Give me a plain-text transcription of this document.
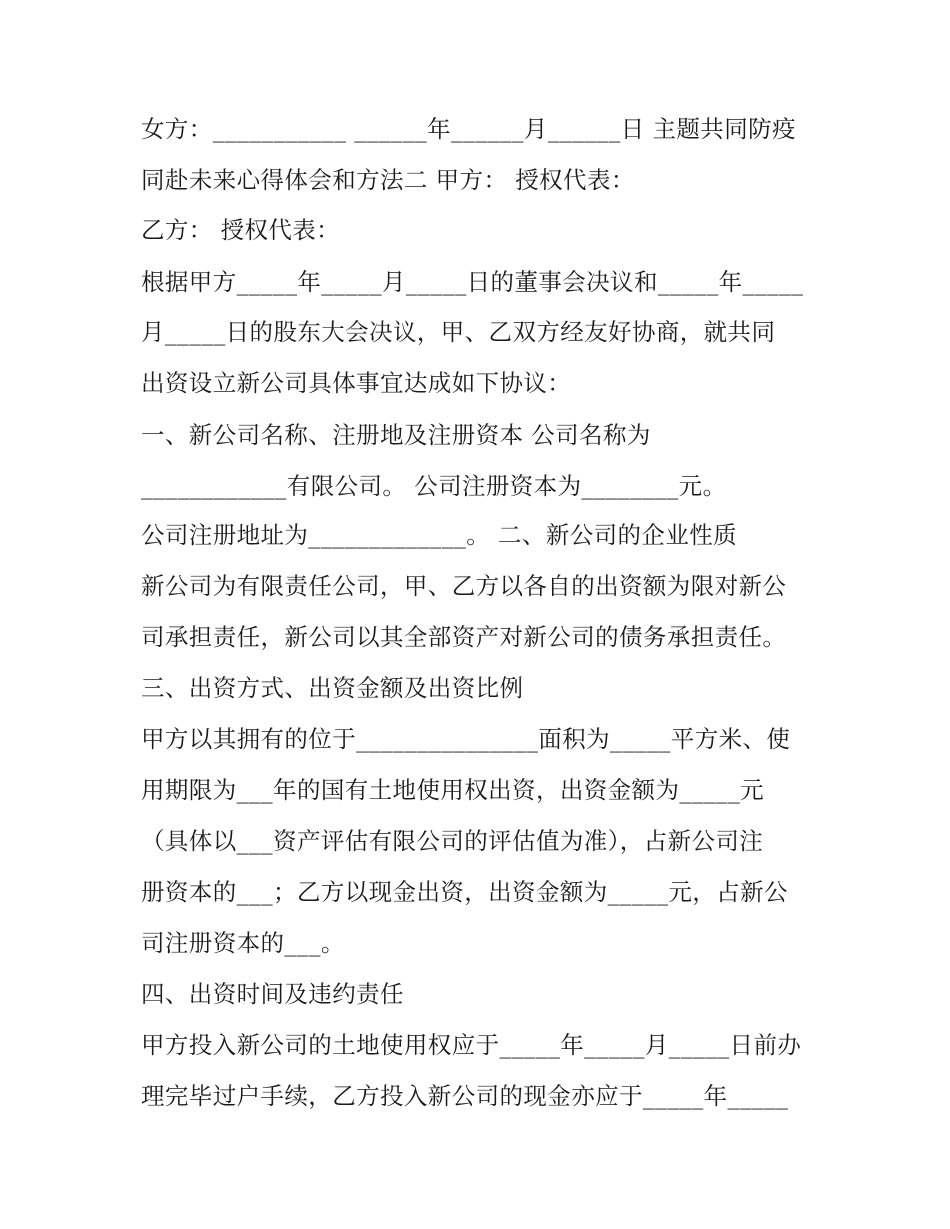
女方：___________ ______年______月______日 主题共同防疫
同赴未来心得体会和方法二 甲方： 授权代表：
乙方： 授权代表：
根据甲方_____年_____月_____日的董事会决议和_____年_____
月_____日的股东大会决议，甲、乙双方经友好协商，就共同
出资设立新公司具体事宜达成如下协议：
一、新公司名称、注册地及注册资本 公司名称为
____________有限公司。 公司注册资本为________元。
公司注册地址为_____________。 二、新公司的企业性质
新公司为有限责任公司，甲、乙方以各自的出资额为限对新公
司承担责任，新公司以其全部资产对新公司的债务承担责任。
三、出资方式、出资金额及出资比例
甲方以其拥有的位于_______________面积为_____平方米、使
用期限为___年的国有土地使用权出资，出资金额为_____元
（具体以___资产评估有限公司的评估值为准），占新公司注
册资本的___；乙方以现金出资，出资金额为_____元，占新公
司注册资本的___。
四、出资时间及违约责任
甲方投入新公司的土地使用权应于_____年_____月_____日前办
理完毕过户手续，乙方投入新公司的现金亦应于_____年_____
